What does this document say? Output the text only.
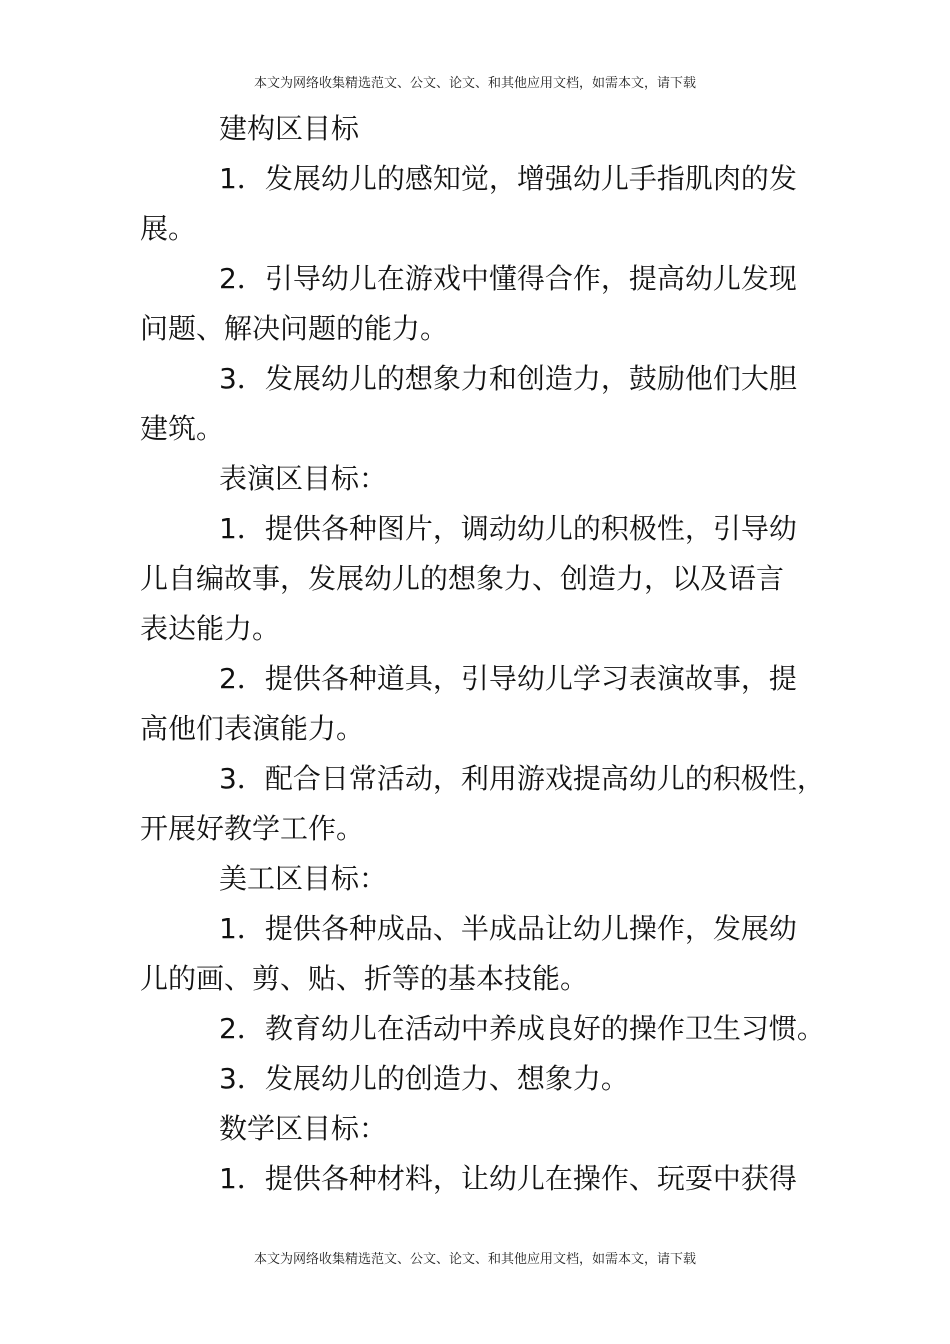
本文为网络收集精选范文、公文、论文、和其他应用文档，如需本文，请下载
建构区目标
1．发展幼儿的感知觉，增强幼儿手指肌肉的发
展。
2．引导幼儿在游戏中懂得合作，提高幼儿发现
问题、解决问题的能力。
3．发展幼儿的想象力和创造力，鼓励他们大胆
建筑。
表演区目标：
1．提供各种图片，调动幼儿的积极性，引导幼
儿自编故事，发展幼儿的想象力、创造力，以及语言
表达能力。
2．提供各种道具，引导幼儿学习表演故事，提
高他们表演能力。
3．配合日常活动，利用游戏提高幼儿的积极性，
开展好教学工作。
美工区目标：
1．提供各种成品、半成品让幼儿操作，发展幼
儿的画、剪、贴、折等的基本技能。
2．教育幼儿在活动中养成良好的操作卫生习惯。
3．发展幼儿的创造力、想象力。
数学区目标：
1．提供各种材料，让幼儿在操作、玩耍中获得
本文为网络收集精选范文、公文、论文、和其他应用文档，如需本文，请下载
